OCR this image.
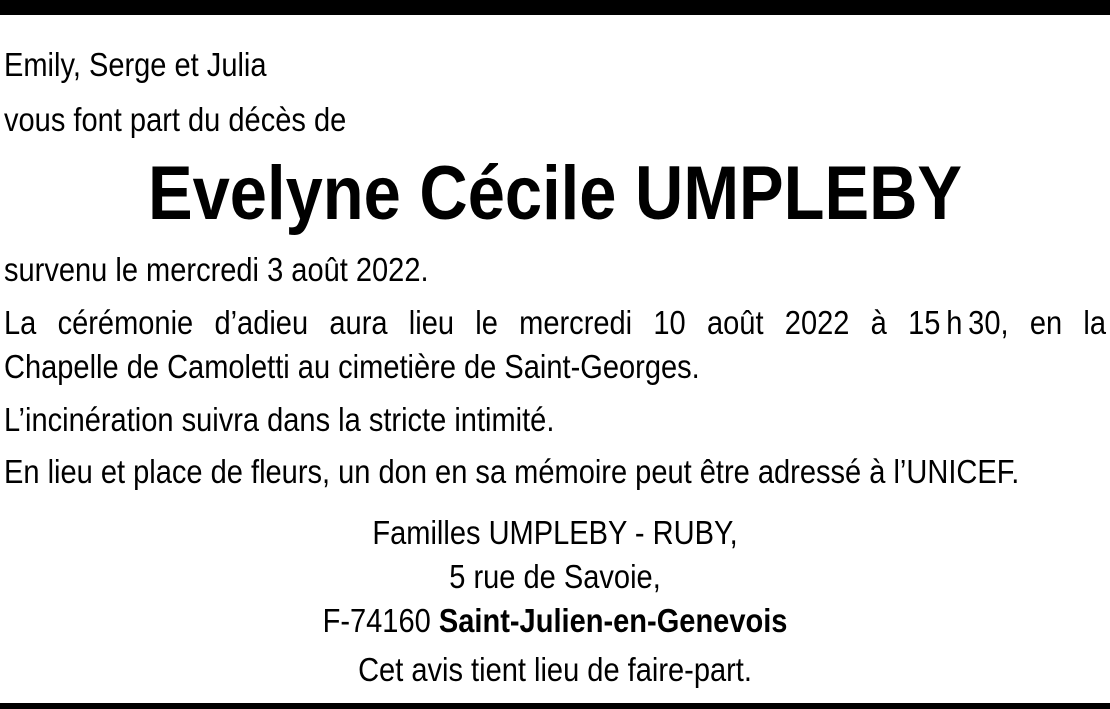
Emily, Serge et Julia
vous font part du décès de
Evelyne Cécile UMPLEBY
survenu le mercredi 3 août 2022.
La cérémonie d’adieu aura lieu le mercredi 10 août 2022 à 15 h 30, en la
Chapelle de Camoletti au cimetière de Saint-Georges.
L’incinération suivra dans la stricte intimité.
En lieu et place de fleurs, un don en sa mémoire peut être adressé à l’UNICEF.
Familles UMPLEBY - RUBY,
5 rue de Savoie,
F-74160 Saint-Julien-en-Genevois
Cet avis tient lieu de faire-part.
